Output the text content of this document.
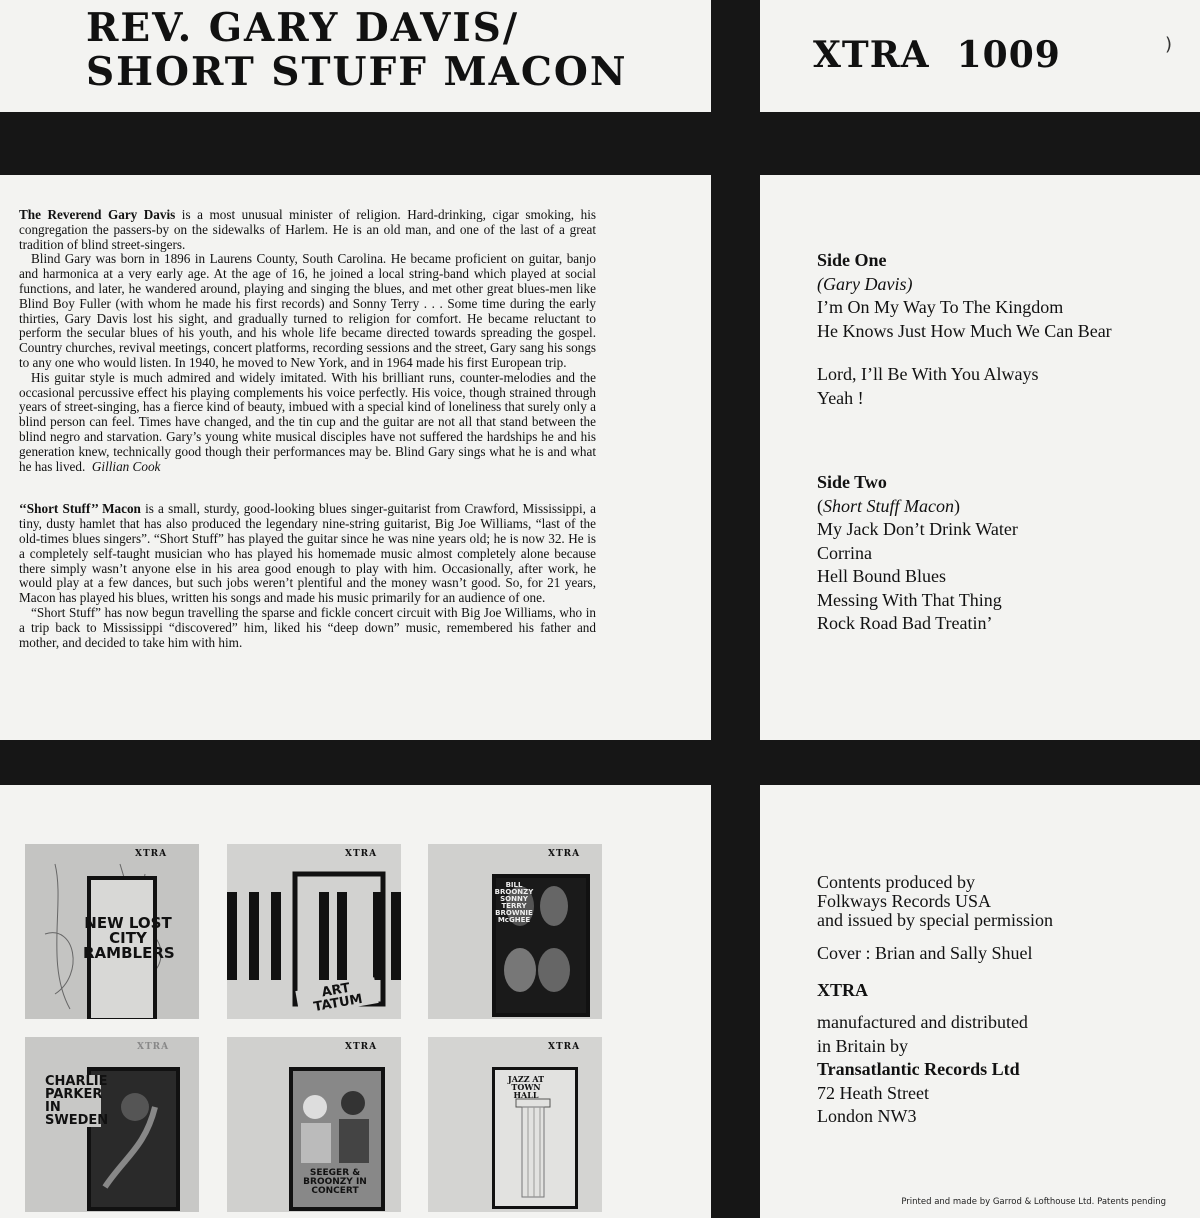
REV. GARY DAVIS/
SHORT STUFF MACON	XTRA  1009	)

The Reverend Gary Davis is a most unusual minister of religion. Hard-drinking, cigar smoking, his congregation the passers-by on the sidewalks of Harlem. He is an old man, and one of the last of a great tradition of blind street-singers.

Blind Gary was born in 1896 in Laurens County, South Carolina. He became proficient on guitar, banjo and harmonica at a very early age. At the age of 16, he joined a local string-band which played at social functions, and later, he wandered around, playing and singing the blues, and met other great blues-men like Blind Boy Fuller (with whom he made his first records) and Sonny Terry . . . Some time during the early thirties, Gary Davis lost his sight, and gradually turned to religion for comfort. He became reluctant to perform the secular blues of his youth, and his whole life became directed towards spreading the gospel. Country churches, revival meetings, concert platforms, recording sessions and the street, Gary sang his songs to any one who would listen. In 1940, he moved to New York, and in 1964 made his first European trip.

His guitar style is much admired and widely imitated. With his brilliant runs, counter-melodies and the occasional percussive effect his playing complements his voice perfectly. His voice, though strained through years of street-singing, has a fierce kind of beauty, imbued with a special kind of loneliness that surely only a blind person can feel. Times have changed, and the tin cup and the guitar are not all that stand between the blind negro and starvation. Gary’s young white musical disciples have not suffered the hardships he and his generation knew, technically good though their performances may be. Blind Gary sings what he is and what he has lived. Gillian Cook

‘‘Short Stuff’’ Macon is a small, sturdy, good-looking blues singer-guitarist from Crawford, Mississippi, a tiny, dusty hamlet that has also produced the legendary nine-string guitarist, Big Joe Williams, “last of the old-times blues singers”. “Short Stuff” has played the guitar since he was nine years old; he is now 32. He is a completely self-taught musician who has played his homemade music almost completely alone because there simply wasn’t anyone else in his area good enough to play with him. Occasionally, after work, he would play at a few dances, but such jobs weren’t plentiful and the money wasn’t good. So, for 21 years, Macon has played his blues, written his songs and made his music primarily for an audience of one.

“Short Stuff” has now begun travelling the sparse and fickle concert circuit with Big Joe Williams, who in a trip back to Mississippi “discovered” him, liked his “deep down” music, remembered his father and mother, and decided to take him with him.

Side One
(Gary Davis)
I’m On My Way To The Kingdom
He Knows Just How Much We Can Bear
Lord, I’ll Be With You Always
Yeah !
Side Two
(Short Stuff Macon)
My Jack Don’t Drink Water
Corrina
Hell Bound Blues
Messing With That Thing
Rock Road Bad Treatin’
XTRA
NEW LOST CITY RAMBLERS
XTRA
ART TATUM
XTRA
BILL BROONZY SONNY TERRY BROWNIE McGHEE
XTRA
CHARLIE PARKER IN SWEDEN
XTRA
SEEGER & BROONZY IN CONCERT
XTRA
JAZZ AT TOWN HALL
Contents produced by
Folkways Records USA
and issued by special permission
Cover : Brian and Sally Shuel
XTRA
manufactured and distributed
in Britain by
Transatlantic Records Ltd
72 Heath Street
London NW3
Printed and made by Garrod & Lofthouse Ltd. Patents pending
